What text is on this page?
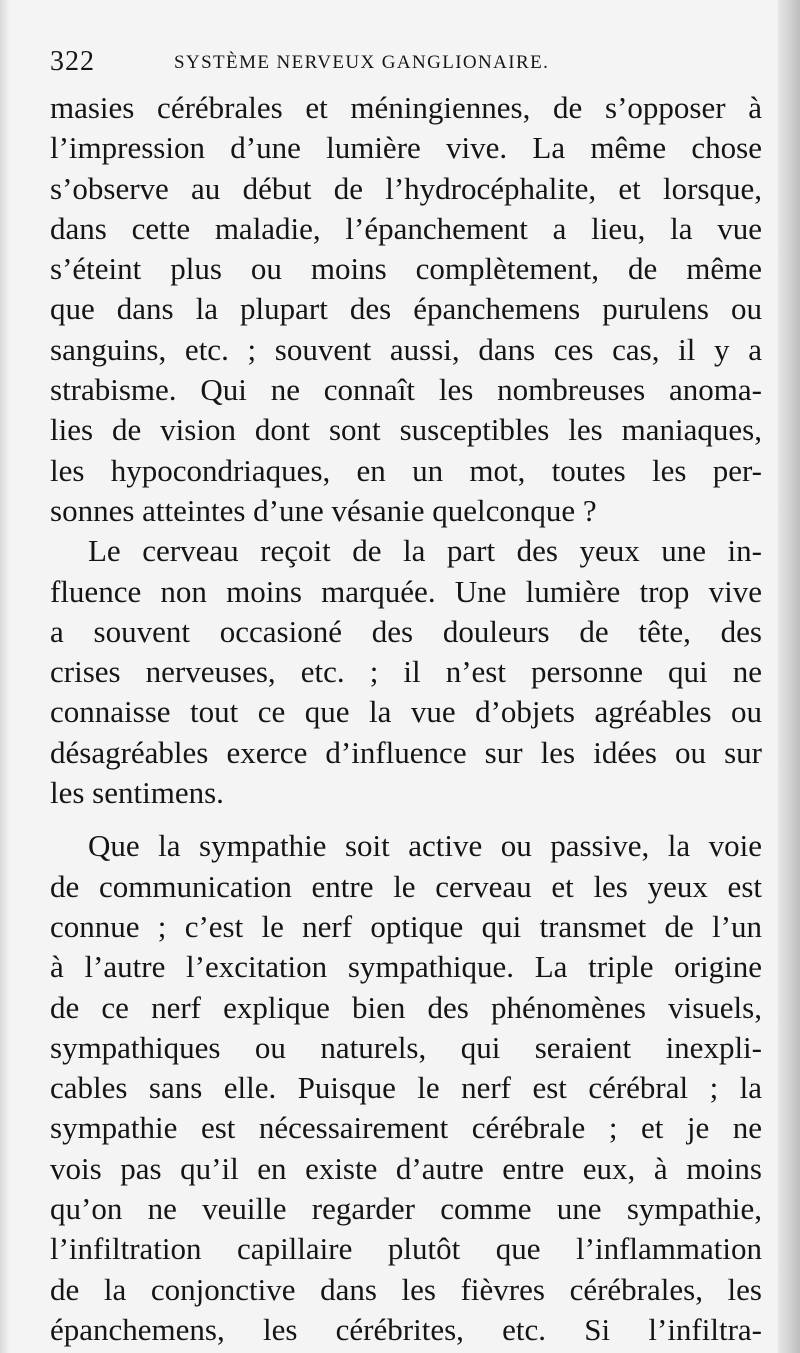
322	SYSTÈME NERVEUX GANGLIONAIRE.
masies cérébrales et méningiennes, de s’opposer à
l’impression d’une lumière vive. La même chose
s’observe au début de l’hydrocéphalite, et lorsque,
dans cette maladie, l’épanchement a lieu, la vue
s’éteint plus ou moins complètement, de même
que dans la plupart des épanchemens purulens ou
sanguins, etc. ; souvent aussi, dans ces cas, il y a
strabisme. Qui ne connaît les nombreuses anoma-
lies de vision dont sont susceptibles les maniaques,
les hypocondriaques, en un mot, toutes les per-
sonnes atteintes d’une vésanie quelconque ?
Le cerveau reçoit de la part des yeux une in-
fluence non moins marquée. Une lumière trop vive
a souvent occasioné des douleurs de tête, des
crises nerveuses, etc. ; il n’est personne qui ne
connaisse tout ce que la vue d’objets agréables ou
désagréables exerce d’influence sur les idées ou sur
les sentimens.
Que la sympathie soit active ou passive, la voie
de communication entre le cerveau et les yeux est
connue ; c’est le nerf optique qui transmet de l’un
à l’autre l’excitation sympathique. La triple origine
de ce nerf explique bien des phénomènes visuels,
sympathiques ou naturels, qui seraient inexpli-
cables sans elle. Puisque le nerf est cérébral ; la
sympathie est nécessairement cérébrale ; et je ne
vois pas qu’il en existe d’autre entre eux, à moins
qu’on ne veuille regarder comme une sympathie,
l’infiltration capillaire plutôt que l’inflammation
de la conjonctive dans les fièvres cérébrales, les
épanchemens, les cérébrites, etc. Si l’infiltra-
